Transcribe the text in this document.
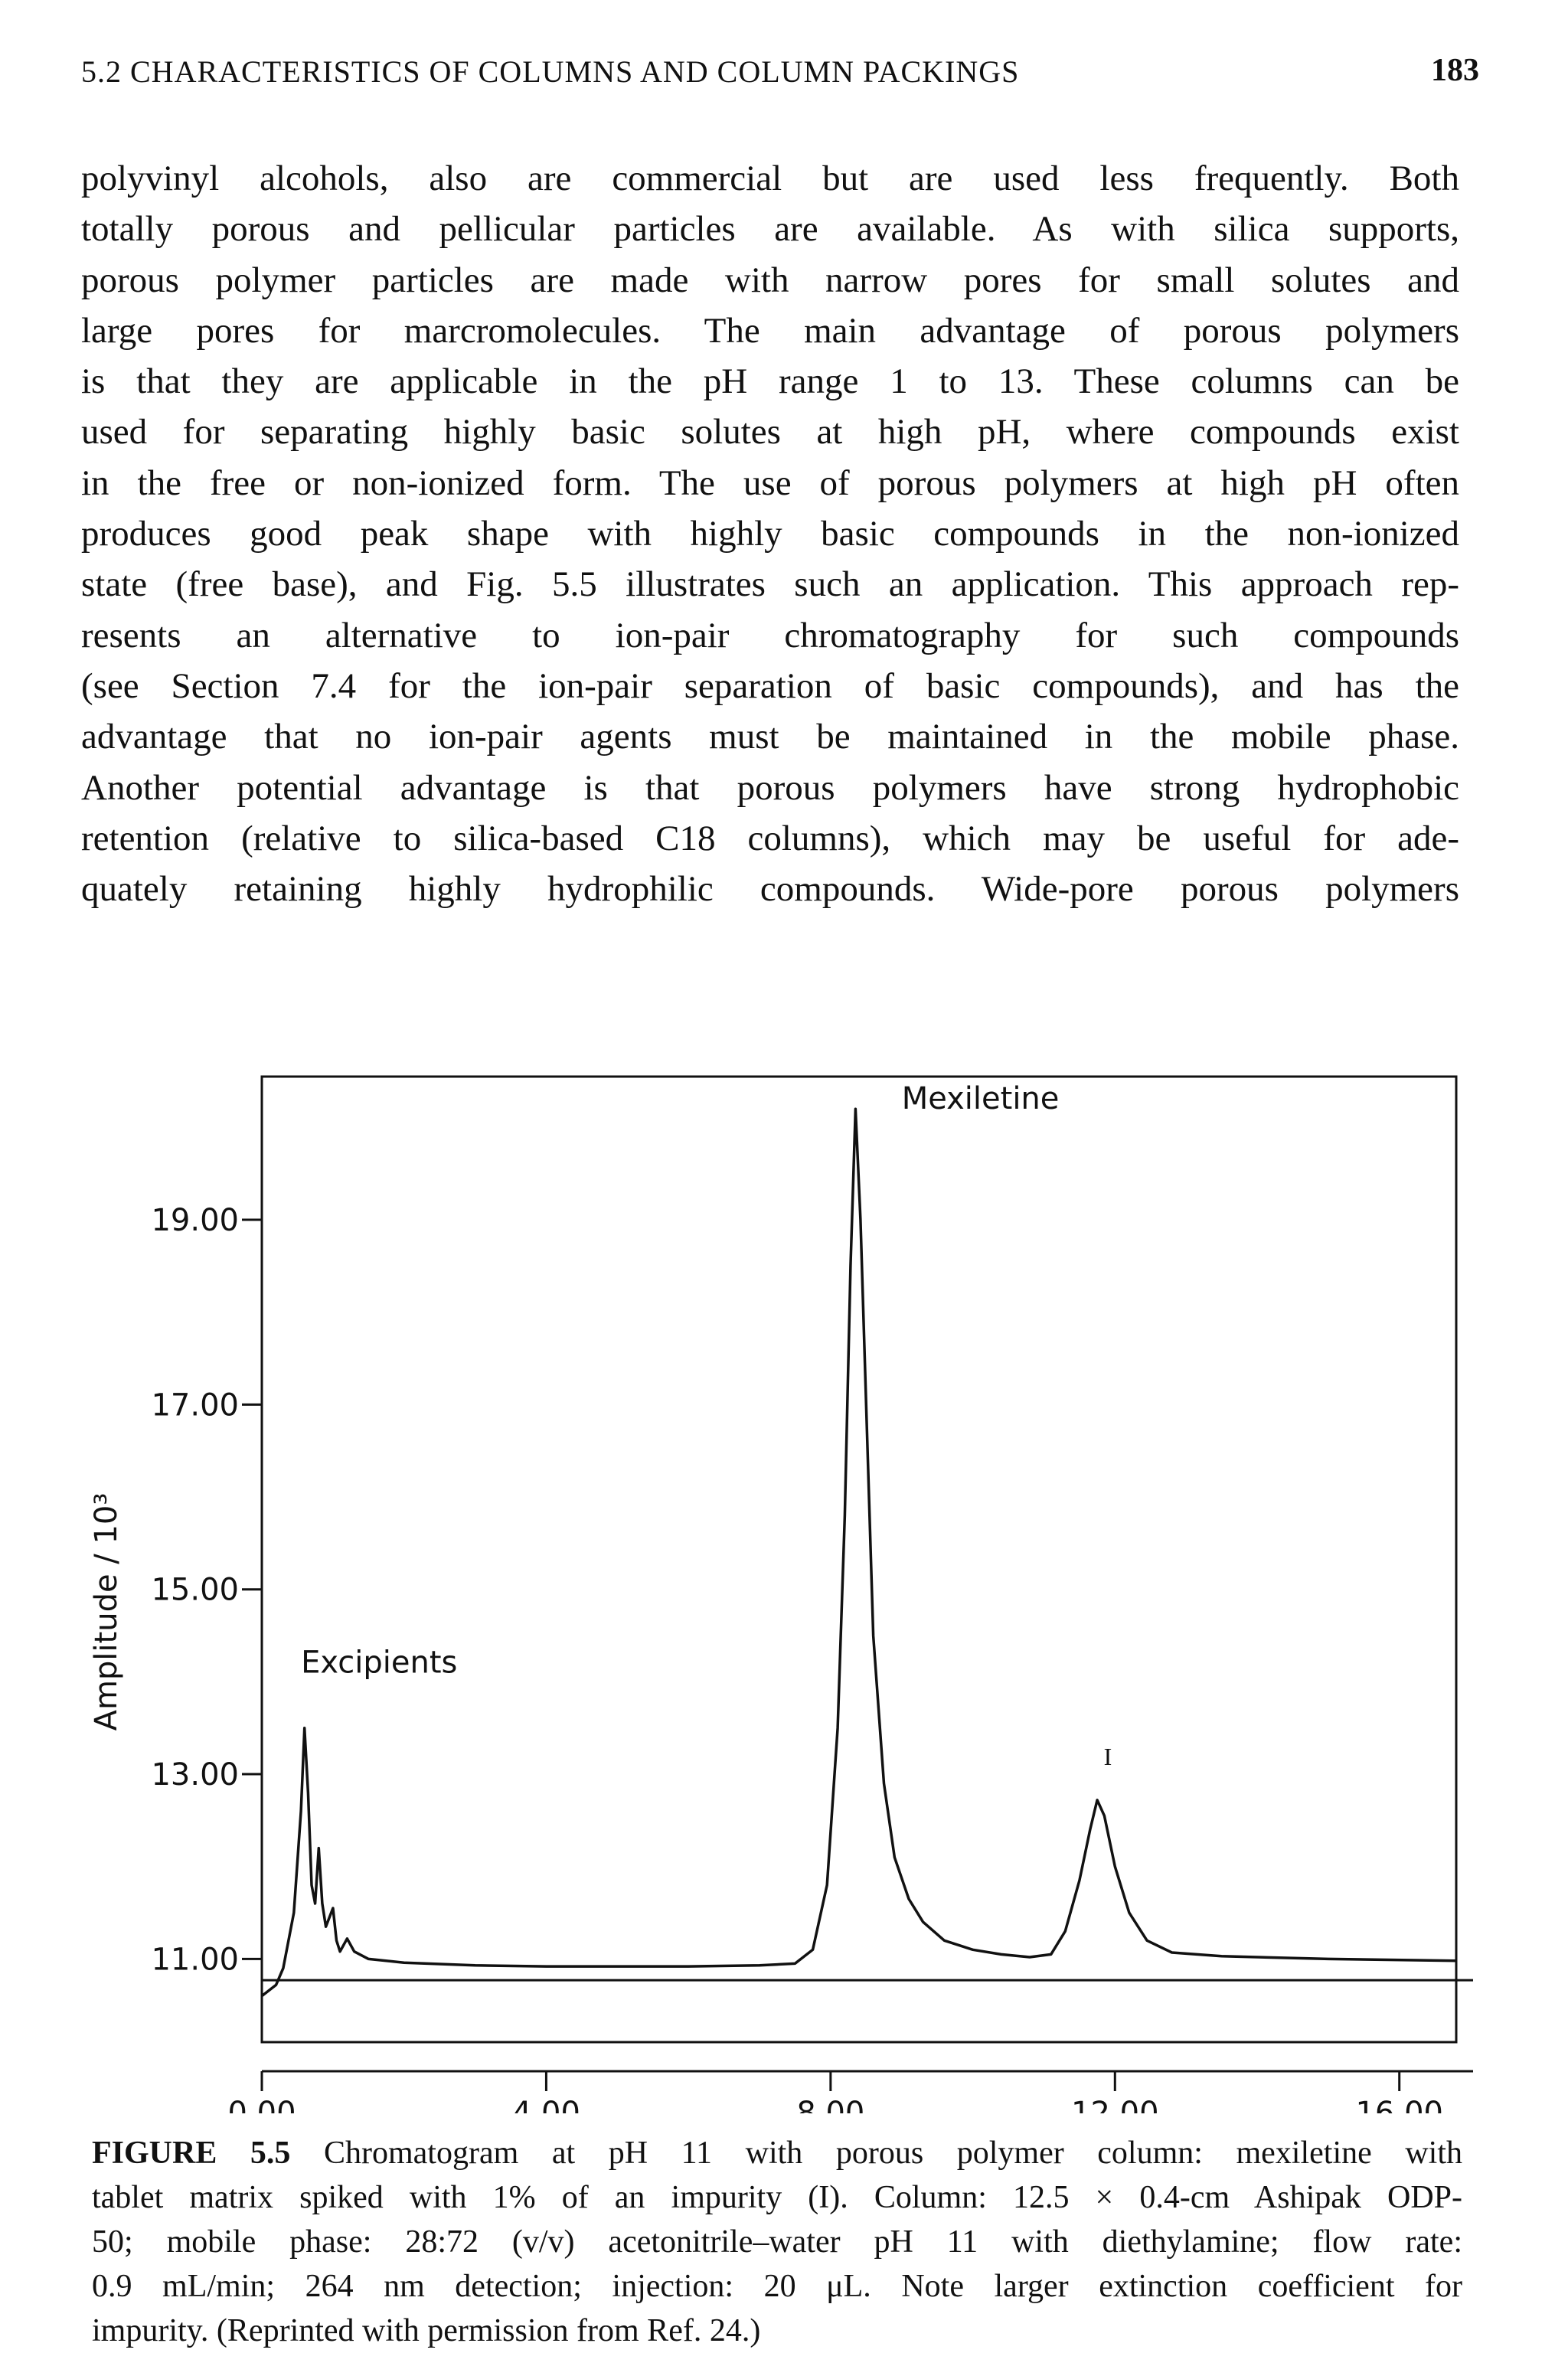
5.2 CHARACTERISTICS OF COLUMNS AND COLUMN PACKINGS	183
polyvinyl alcohols, also are commercial but are used less frequently. Both
totally porous and pellicular particles are available. As with silica supports,
porous polymer particles are made with narrow pores for small solutes and
large pores for marcromolecules. The main advantage of porous polymers
is that they are applicable in the pH range 1 to 13. These columns can be
used for separating highly basic solutes at high pH, where compounds exist
in the free or non-ionized form. The use of porous polymers at high pH often
produces good peak shape with highly basic compounds in the non-ionized
state (free base), and Fig. 5.5 illustrates such an application. This approach rep-
resents an alternative to ion-pair chromatography for such compounds
(see Section 7.4 for the ion-pair separation of basic compounds), and has the
advantage that no ion-pair agents must be maintained in the mobile phase.
Another potential advantage is that porous polymers have strong hydrophobic
retention (relative to silica-based C18 columns), which may be useful for ade-
quately retaining highly hydrophilic compounds. Wide-pore porous polymers
11.00
13.00
15.00
17.00
19.00
0.00	4.00	8.00	12.00	16.00
Amplitude / 10³
Mexiletine
Excipients
I
FIGURE 5.5 Chromatogram at pH 11 with porous polymer column: mexiletine with
tablet matrix spiked with 1% of an impurity (I). Column: 12.5 × 0.4-cm Ashipak ODP-
50; mobile phase: 28:72 (v/v) acetonitrile–water pH 11 with diethylamine; flow rate:
0.9 mL/min; 264 nm detection; injection: 20 μL. Note larger extinction coefficient for
impurity. (Reprinted with permission from Ref. 24.)
